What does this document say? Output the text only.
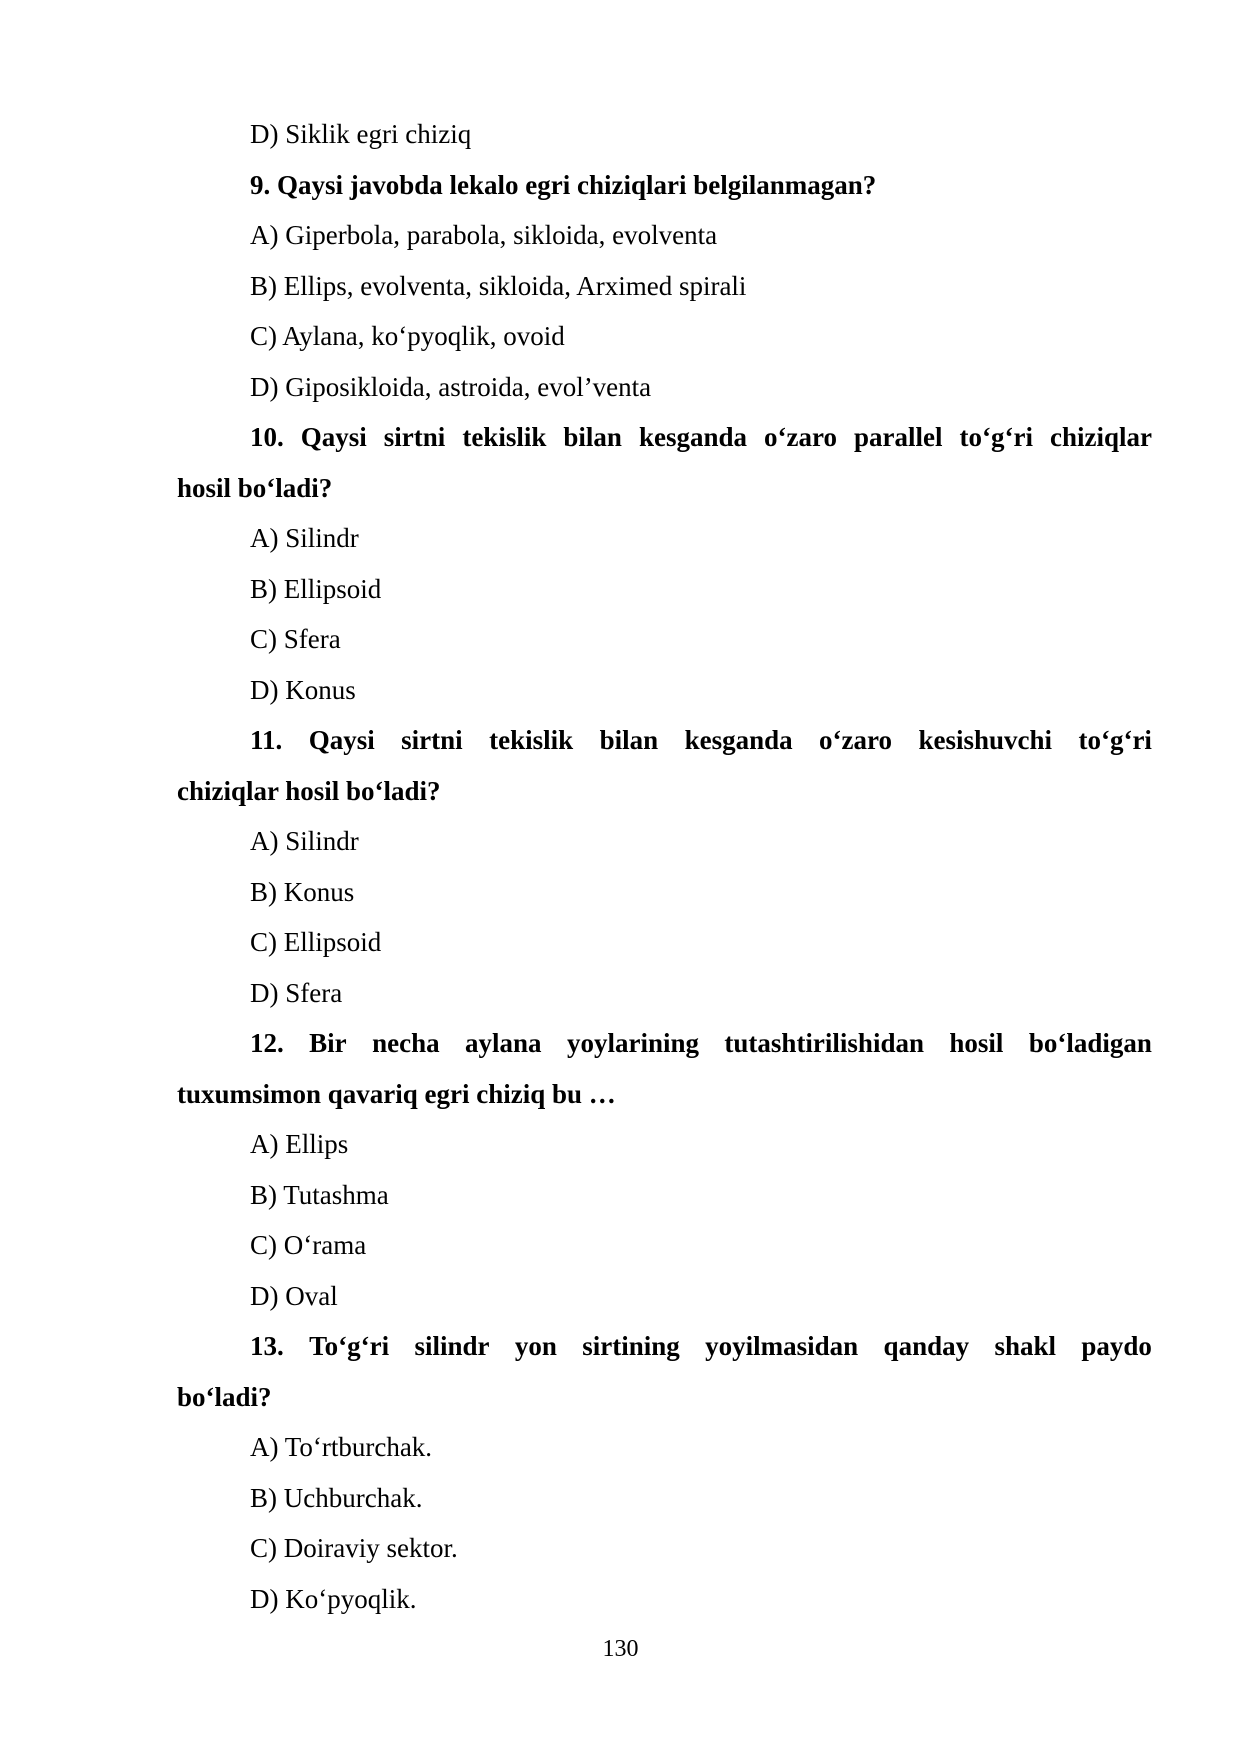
D) Siklik egri chiziq
9. Qaysi javobda lekalo egri chiziqlari belgilanmagan?
A) Giperbola, parabola, sikloida, evolventa
B) Ellips, evolventa, sikloida, Arximed spirali
C) Aylana, ko‘pyoqlik, ovoid
D) Giposikloida, astroida, evol’venta
10. Qaysi sirtni tekislik bilan kesganda o‘zaro parallel to‘g‘ri chiziqlar
hosil bo‘ladi?
A) Silindr
B) Ellipsoid
C) Sfera
D) Konus
11. Qaysi sirtni tekislik bilan kesganda o‘zaro kesishuvchi to‘g‘ri
chiziqlar hosil bo‘ladi?
A) Silindr
B) Konus
C) Ellipsoid
D) Sfera
12. Bir necha aylana yoylarining tutashtirilishidan hosil bo‘ladigan
tuxumsimon qavariq egri chiziq bu …
A) Ellips
B) Tutashma
C) O‘rama
D) Oval
13. To‘g‘ri silindr yon sirtining yoyilmasidan qanday shakl paydo
bo‘ladi?
A) To‘rtburchak.
B) Uchburchak.
C) Doiraviy sektor.
D) Ko‘pyoqlik.
130
